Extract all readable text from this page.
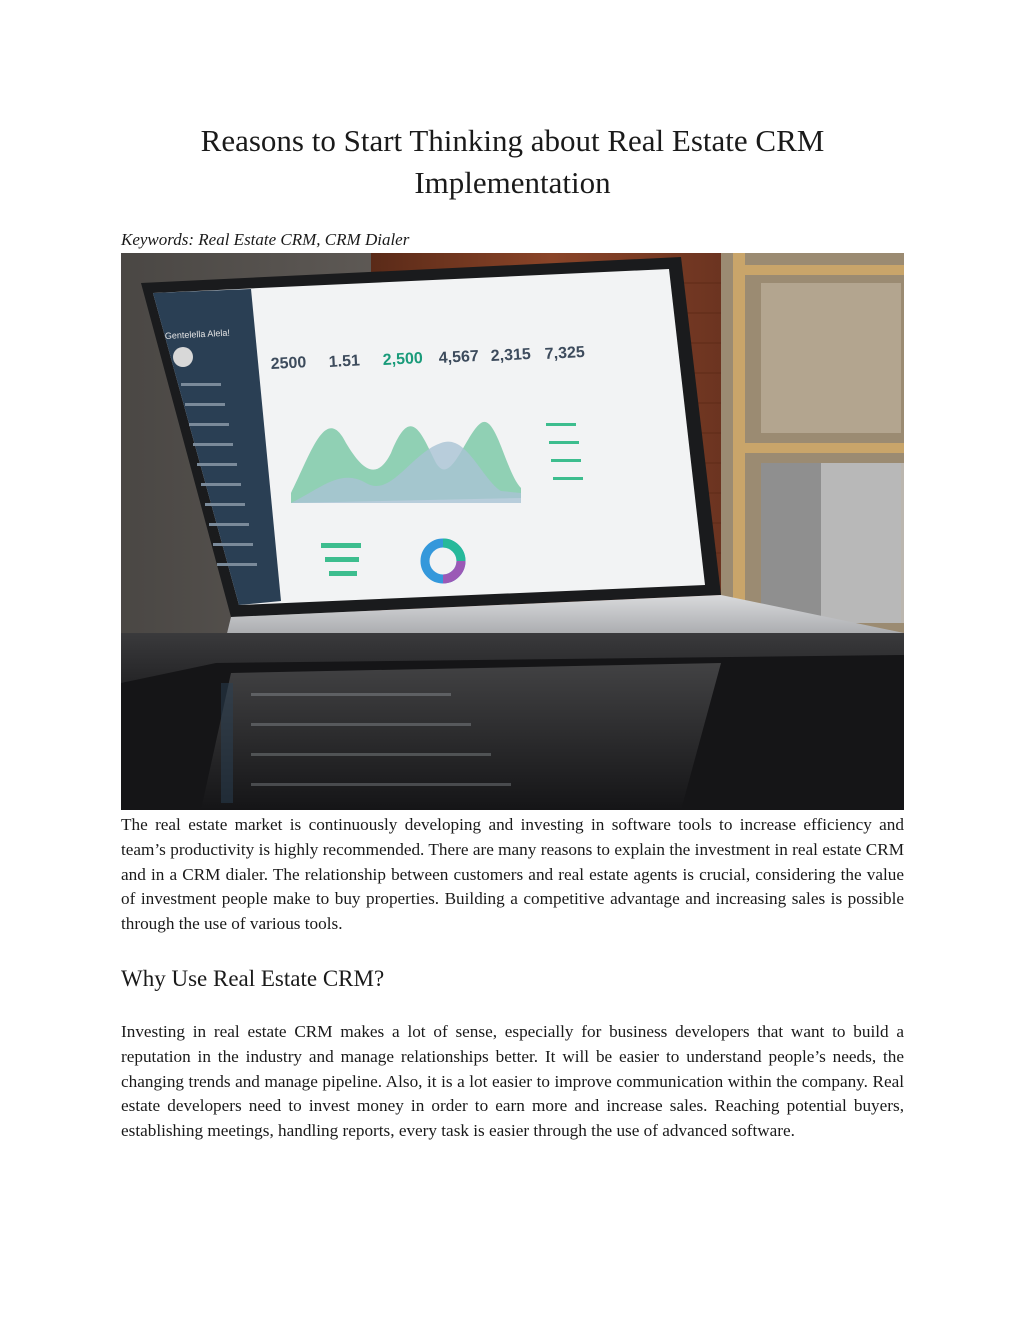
Reasons to Start Thinking about Real Estate CRM Implementation

Keywords: Real Estate CRM, CRM Dialer

Gentelella Alela!
2500 1.51 2,500 4,567 2,315 7,325

The real estate market is continuously developing and investing in software tools to increase efficiency and team’s productivity is highly recommended. There are many reasons to explain the investment in real estate CRM and in a CRM dialer. The relationship between customers and real estate agents is crucial, considering the value of investment people make to buy properties. Building a competitive advantage and increasing sales is possible through the use of various tools.

Why Use Real Estate CRM?

Investing in real estate CRM makes a lot of sense, especially for business developers that want to build a reputation in the industry and manage relationships better. It will be easier to understand people’s needs, the changing trends and manage pipeline. Also, it is a lot easier to improve communication within the company. Real estate developers need to invest money in order to earn more and increase sales. Reaching potential buyers, establishing meetings, handling reports, every task is easier through the use of advanced software.
